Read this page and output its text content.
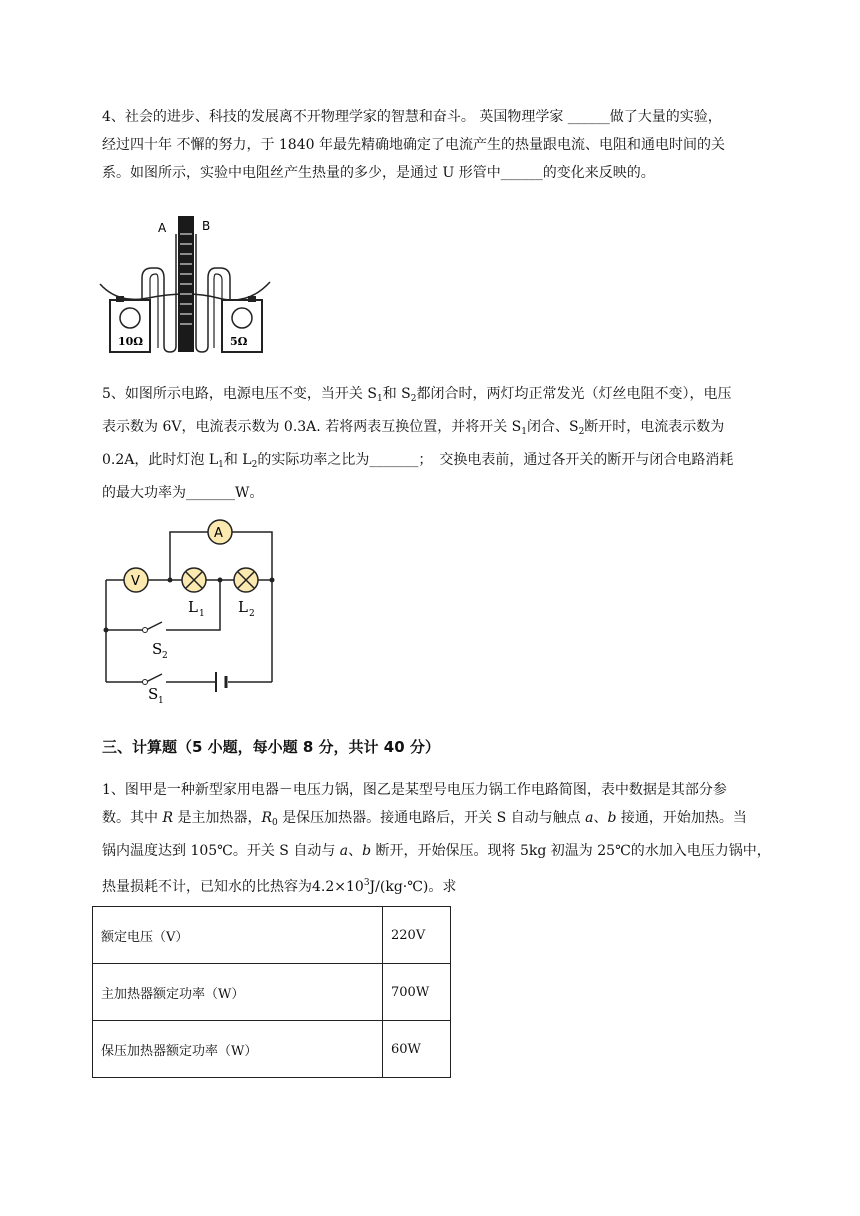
4、社会的进步、科技的发展离不开物理学家的智慧和奋斗。 英国物理学家 ______做了大量的实验，

经过四十年 不懈的努力，于 1840 年最先精确地确定了电流产生的热量跟电流、电阻和通电时间的关

系。如图所示，实验中电阻丝产生热量的多少，是通过 U 形管中______的变化来反映的。

A	B
10Ω	5Ω

5、如图所示电路，电源电压不变，当开关 $S_1$和 $S_2$都闭合时，两灯均正常发光（灯丝电阻不变），电压

表示数为 6V，电流表示数为 0.3A. 若将两表互换位置，并将开关 $S_1$闭合、$S_2$断开时，电流表示数为

0.2A，此时灯泡 $L_1$和 $L_2$的实际功率之比为_______；　交换电表前，通过各开关的断开与闭合电路消耗

的最大功率为_______W。

A
V
L 1 L 2
S 2
S 1
三、计算题（5 小题，每小题 8 分，共计 40 分）

1、图甲是一种新型家用电器－电压力锅，图乙是某型号电压力锅工作电路简图，表中数据是其部分参

数。其中 R 是主加热器，$R_0$ 是保压加热器。接通电路后，开关 S 自动与触点 a、b 接通，开始加热。当

锅内温度达到 105℃。开关 S 自动与 a、b 断开，开始保压。现将 5kg 初温为 25℃的水加入电压力锅中，

热量损耗不计，已知水的比热容为$4.2\times 10^3J/(kg\cdot℃)$。求

额定电压（V）	220V
主加热器额定功率（W）	700W
保压加热器额定功率（W）	60W
